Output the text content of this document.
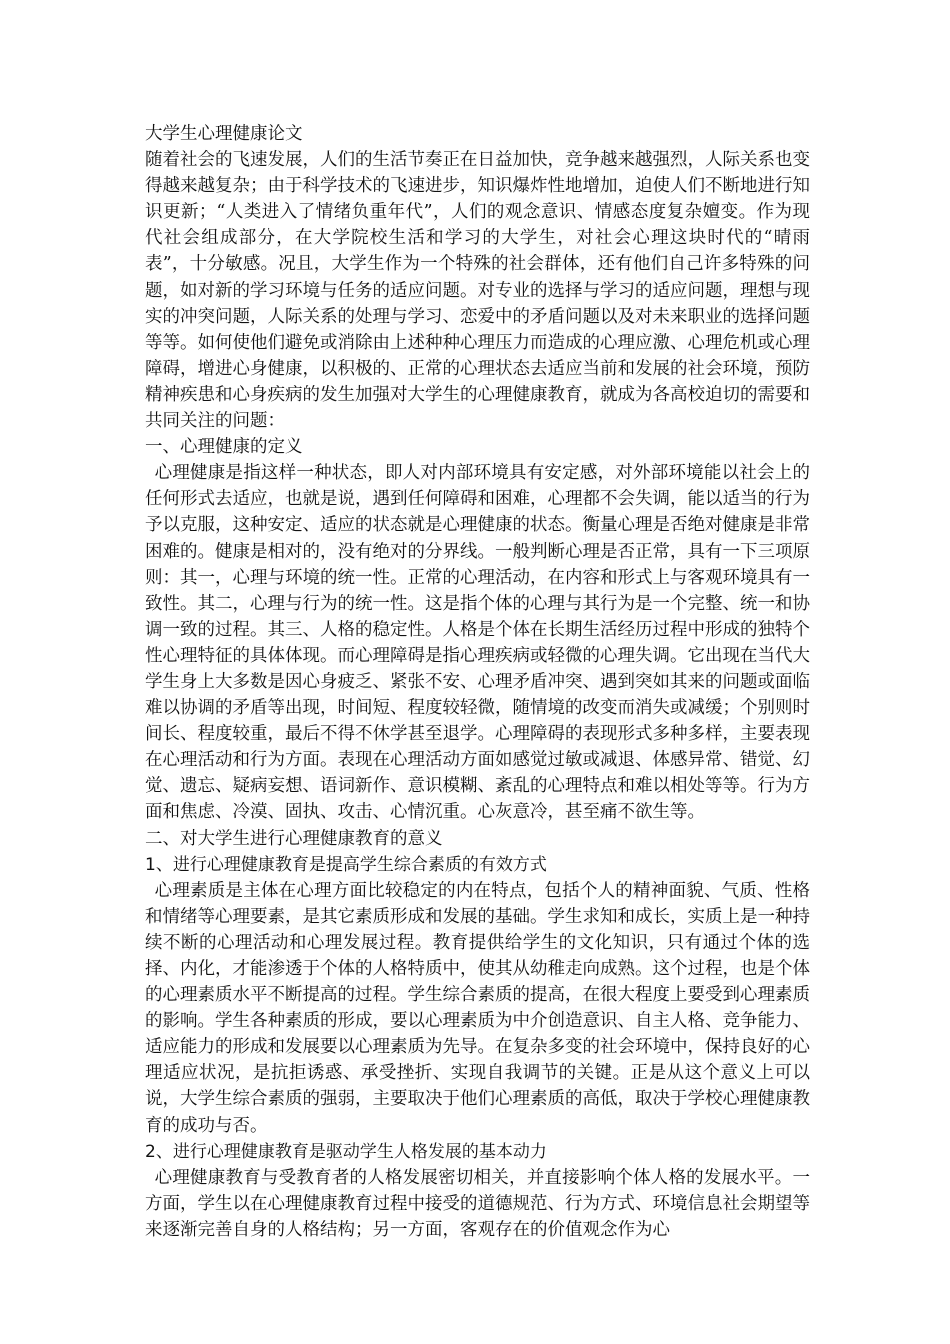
大学生心理健康论文

随着社会的飞速发展，人们的生活节奏正在日益加快，竞争越来越强烈，人际关系也变得越来越复杂；由于科学技术的飞速进步，知识爆炸性地增加，迫使人们不断地进行知识更新；“人类进入了情绪负重年代”，人们的观念意识、情感态度复杂嬗变。作为现代社会组成部分，在大学院校生活和学习的大学生，对社会心理这块时代的“晴雨表”，十分敏感。况且，大学生作为一个特殊的社会群体，还有他们自己许多特殊的问题，如对新的学习环境与任务的适应问题。对专业的选择与学习的适应问题，理想与现实的冲突问题，人际关系的处理与学习、恋爱中的矛盾问题以及对未来职业的选择问题等等。如何使他们避免或消除由上述种种心理压力而造成的心理应激、心理危机或心理障碍，增进心身健康，以积极的、正常的心理状态去适应当前和发展的社会环境，预防精神疾患和心身疾病的发生加强对大学生的心理健康教育，就成为各高校迫切的需要和共同关注的问题：

一、心理健康的定义

心理健康是指这样一种状态，即人对内部环境具有安定感，对外部环境能以社会上的任何形式去适应，也就是说，遇到任何障碍和困难，心理都不会失调，能以适当的行为予以克服，这种安定、适应的状态就是心理健康的状态。衡量心理是否绝对健康是非常困难的。健康是相对的，没有绝对的分界线。一般判断心理是否正常，具有一下三项原则：其一，心理与环境的统一性。正常的心理活动，在内容和形式上与客观环境具有一致性。其二，心理与行为的统一性。这是指个体的心理与其行为是一个完整、统一和协调一致的过程。其三、人格的稳定性。人格是个体在长期生活经历过程中形成的独特个性心理特征的具体体现。而心理障碍是指心理疾病或轻微的心理失调。它出现在当代大学生身上大多数是因心身疲乏、紧张不安、心理矛盾冲突、遇到突如其来的问题或面临难以协调的矛盾等出现，时间短、程度较轻微，随情境的改变而消失或减缓；个别则时间长、程度较重，最后不得不休学甚至退学。心理障碍的表现形式多种多样，主要表现在心理活动和行为方面。表现在心理活动方面如感觉过敏或减退、体感异常、错觉、幻觉、遗忘、疑病妄想、语词新作、意识模糊、紊乱的心理特点和难以相处等等。行为方面和焦虑、冷漠、固执、攻击、心情沉重。心灰意冷，甚至痛不欲生等。

二、对大学生进行心理健康教育的意义

1、进行心理健康教育是提高学生综合素质的有效方式

心理素质是主体在心理方面比较稳定的内在特点，包括个人的精神面貌、气质、性格和情绪等心理要素，是其它素质形成和发展的基础。学生求知和成长，实质上是一种持续不断的心理活动和心理发展过程。教育提供给学生的文化知识，只有通过个体的选择、内化，才能渗透于个体的人格特质中，使其从幼稚走向成熟。这个过程，也是个体的心理素质水平不断提高的过程。学生综合素质的提高，在很大程度上要受到心理素质的影响。学生各种素质的形成，要以心理素质为中介创造意识、自主人格、竞争能力、适应能力的形成和发展要以心理素质为先导。在复杂多变的社会环境中，保持良好的心理适应状况，是抗拒诱惑、承受挫折、实现自我调节的关键。正是从这个意义上可以说，大学生综合素质的强弱，主要取决于他们心理素质的高低，取决于学校心理健康教育的成功与否。

2、进行心理健康教育是驱动学生人格发展的基本动力

心理健康教育与受教育者的人格发展密切相关，并直接影响个体人格的发展水平。一方面，学生以在心理健康教育过程中接受的道德规范、行为方式、环境信息社会期望等来逐渐完善自身的人格结构；另一方面，客观存在的价值观念作为心
